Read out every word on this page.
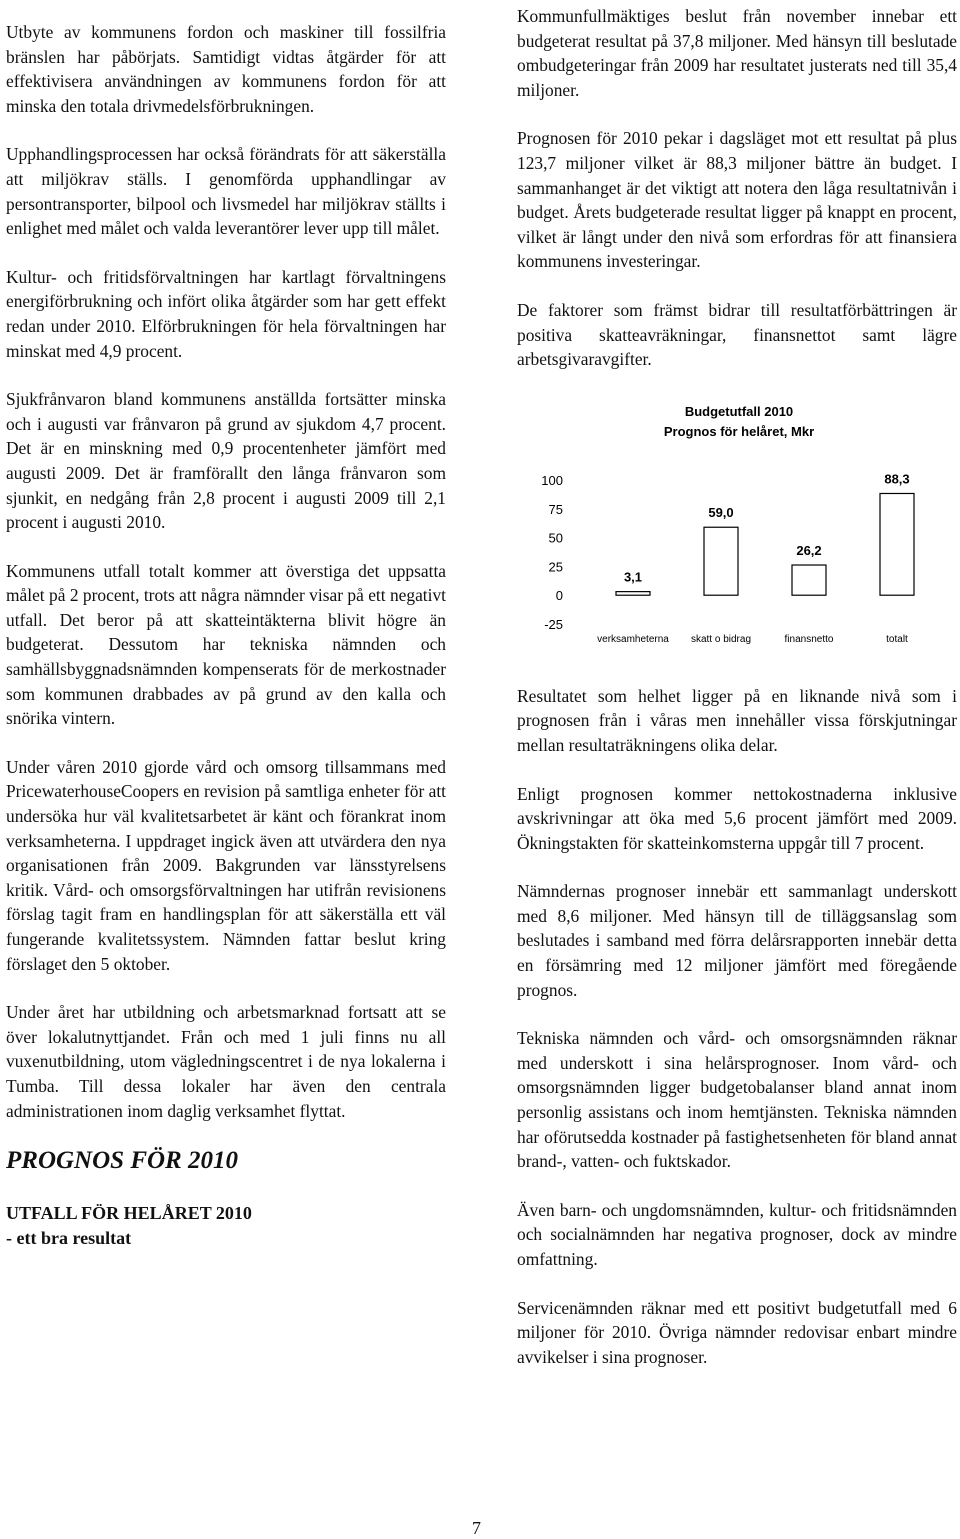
Utbyte av kommunens fordon och maskiner till fossilfria bränslen har påbörjats. Samtidigt vidtas åtgärder för att effektivisera användningen av kommunens fordon för att minska den totala drivmedelsförbrukningen.

Upphandlingsprocessen har också förändrats för att säkerställa att miljökrav ställs. I genomförda upphandlingar av persontransporter, bilpool och livsmedel har miljökrav ställts i enlighet med målet och valda leverantörer lever upp till målet.

Kultur- och fritidsförvaltningen har kartlagt förvaltningens energiförbrukning och infört olika åtgärder som har gett effekt redan under 2010. Elförbrukningen för hela förvaltningen har minskat med 4,9 procent.

Sjukfrånvaron bland kommunens anställda fortsätter minska och i augusti var frånvaron på grund av sjukdom 4,7 procent. Det är en minskning med 0,9 procentenheter jämfört med augusti 2009. Det är framförallt den långa frånvaron som sjunkit, en nedgång från 2,8 procent i augusti 2009 till 2,1 procent i augusti 2010.

Kommunens utfall totalt kommer att överstiga det uppsatta målet på 2 procent, trots att några nämnder visar på ett negativt utfall. Det beror på att skatteintäkterna blivit högre än budgeterat. Dessutom har tekniska nämnden och samhällsbyggnadsnämnden kompenserats för de merkostnader som kommunen drabbades av på grund av den kalla och snörika vintern.

Under våren 2010 gjorde vård och omsorg tillsammans med PricewaterhouseCoopers en revision på samtliga enheter för att undersöka hur väl kvalitetsarbetet är känt och förankrat inom verksamheterna. I uppdraget ingick även att utvärdera den nya organisationen från 2009. Bakgrunden var länsstyrelsens kritik. Vård- och omsorgsförvaltningen har utifrån revisionens förslag tagit fram en handlingsplan för att säkerställa ett väl fungerande kvalitetssystem. Nämnden fattar beslut kring förslaget den 5 oktober.

Under året har utbildning och arbetsmarknad fortsatt att se över lokalutnyttjandet. Från och med 1 juli finns nu all vuxenutbildning, utom vägledningscentret i de nya lokalerna i Tumba. Till dessa lokaler har även den centrala administrationen inom daglig verksamhet flyttat.

PROGNOS FÖR 2010
UTFALL FÖR HELÅRET 2010
- ett bra resultat

Kommunfullmäktiges beslut från november innebar ett budgeterat resultat på 37,8 miljoner. Med hänsyn till beslutade ombudgeteringar från 2009 har resultatet justerats ned till 35,4 miljoner.

Prognosen för 2010 pekar i dagsläget mot ett resultat på plus 123,7 miljoner vilket är 88,3 miljoner bättre än budget. I sammanhanget är det viktigt att notera den låga resultatnivån i budget. Årets budgeterade resultat ligger på knappt en procent, vilket är långt under den nivå som erfordras för att finansiera kommunens investeringar.

De faktorer som främst bidrar till resultatförbättringen är positiva skatteavräkningar, finansnettot samt lägre arbetsgivaravgifter.

Budgetutfall 2010
Prognos för helåret, Mkr
100
75
50
25
0
-25
3,1
verksamheterna
59,0
skatt o bidrag
26,2
finansnetto
88,3
totalt

Resultatet som helhet ligger på en liknande nivå som i prognosen från i våras men innehåller vissa förskjutningar mellan resultaträkningens olika delar.

Enligt prognosen kommer nettokostnaderna inklusive avskrivningar att öka med 5,6 procent jämfört med 2009. Ökningstakten för skatteinkomsterna uppgår till 7 procent.

Nämndernas prognoser innebär ett sammanlagt underskott med 8,6 miljoner. Med hänsyn till de tilläggsanslag som beslutades i samband med förra delårsrapporten innebär detta en försämring med 12 miljoner jämfört med föregående prognos.

Tekniska nämnden och vård- och omsorgsnämnden räknar med underskott i sina helårsprognoser. Inom vård- och omsorgsnämnden ligger budgetobalanser bland annat inom personlig assistans och inom hemtjänsten. Tekniska nämnden har oförutsedda kostnader på fastighetsenheten för bland annat brand-, vatten- och fuktskador.

Även barn- och ungdomsnämnden, kultur- och fritidsnämnden och socialnämnden har negativa prognoser, dock av mindre omfattning.

Servicenämnden räknar med ett positivt budgetutfall med 6 miljoner för 2010. Övriga nämnder redovisar enbart mindre avvikelser i sina prognoser.

7
